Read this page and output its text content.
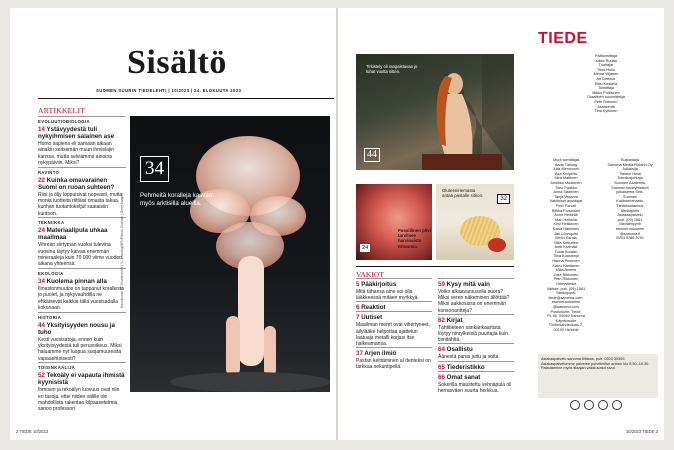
Sisältö
SUOMEN SUURIN TIEDELEHTI | 10/2023 | 24. ELOKUUTA 2023
ARTIKKELIT
EVOLUUTIOBIOLOGIA
14 Ystävyydestä tuli nykyihmisen salainen ase
Homo sapiens eli samaan aikaan ainakin seitsemän muun ihmislajin kanssa, mutta selviämme ainoina nykypäiviin. Miksi?
RAVINTO
22 Kuinka omavarainen Suomi on ruoan suhteen?
Riisi ja öljy loppuisivat nopeasti, mutta monia tuotteita riittäisi omasta takaa, kunhan tuotantoketjut saataisiin kuntoon.
TEKNIIKKA
24 Materiaalipula uhkaa maailmaa
Vihreän siirtymän vuoksi tulevina vuosina täytyy kaivaa enemmän mineraaleja kuin 70 000 viime vuoden aikana yhteensä.
EKOLOGIA
34 Kuolema pinnan alla
Ilmastonmuutos on tappanut korallesta jo puolet, ja nykyvauhdilla ne ehkäisevät kaikkia tällä vuosisadalla kokonaan.
HISTORIA
44 Yksityisyyden nousu ja tuho
Kesti vuosisatoja, ennen kuin yksityisyydestä tuli perusoikeus. Miksi haluamme nyt luopua suojamuureista vapaaehtoisesti?
TOISINKÄÄLIJÄ
52 Tekoäly ei vapauta ihmistä kyynisistä
Ihmisen ja tekoälyn luovuus ovat niin eri tasoja, ettei niiden välille ole mahdollista rakentaa kilpaasetelmia, sanoo professori.
34
Pehmeitä koralleja kasvaa myös arktisilla alueilla.
Kansikuvat: S. Shutterstock | S. Zwanzig/SPL/Ritzau Scanpix | Getty Images
2 TIEDE 10/2023
Tirkistely oli rangaistavaa jo tuhat vuotta sitten.
44
24
Fossiilinen pilvi tarvitsee harvinaista trituumia.
Gluteeniriemasta antaa pastalle sitkon.
32
VAKIOT
5 Pääkirjoitus
Mitä tahansa aine voi olla lääkkeessä mitäen myrkkyä.
6 Reaktiot
7 Uutiset
Maailman meret ovat vihertyneet, äilylääke helpottaa ajattelun laatuaja metalli korjasi itse halkeamansa.
37 Arjen ilmiö
Pastan keittäminen al denteksi on tarkkaa sekuntipeliä.
59 Kysy mitä vain
Voiko alkaavaruusolla suora? Miksi veren näkeminen ällöttää? Miksi aakkosissa on enemmän konsonantteja?
62 Kirjat
Tähtitieteen sankarikaartista löytyy ninrylkeisiä puurtajia kuin tiimitähtiä.
64 Osallistu
Äänestä paras juttu ja voita.
65 Tiederistikko
66 Omat sanat
Sokerilla maustettu vehnäpula oli herrasväen suurta herkkua.
TIEDE
Päätoimittaja
Jukka Ruukki
Tuottajat
Timo Hullu
Minna Viljanen
Art Director
Riku Koskela
Toimittaja
Mikko Pulkkinen
Graafinen suunnittelija
Petri Rotonen
Assistentti
Tina Kyllönen
Muut toimittajat
Aada Tähling
Julia Mennonen
Aza Kivipelto
Mira Mattinen
Annikka Mustonen
Timo Paakku
Anna Saarinen
Tanja Vasama
Vakituiset avustajat
Petri Forsell
Riikka Forsström
Anne Heikkilä
Mari Heikkilä
Kirsi Heikkinen
Kaisa Häkkinen
Jan Lönnquist
Mervi Karala
Nika Kettunen
Antti Kivimäki
Tuula Koukku
Tiina Kuustenpi
Hanna Pesonen
Kaleo Kantanen
Mika Anmes
Jose Rikkonen
Petri Rikkonen
Yhteystiedot
Vaihde: puh. (09) 1561
Sähköposti:
tiede@sanoma.com,
etunimi.sukunimi
@sanoma.com
Postiosoite: Tiede,
PL 60, 00089 Sanoma
Käyntiosoite
Töölönlahdenkatu 2,
00100 Helsinki
Kustantaja
Sanoma Media Finland Oy
Julkaisija
Tiainen Heidi
Toimitusjohtaja
Suomen Akatemia,
Suomen tiedeyhteisön
julkaisema Siris,
Suomen
Kulttuurirahasto,
Tiedekustannus
Mediayhtiö
Asiakaspalvelu
puh. (09) 1561
Mediamyynti
etunimi.sukunimi
@sanoma.fi
ISSN 0786-5791
Asiakaspalvelu sanoma.fi/tilaus, puh. 0303 30300. Asiakaspalvelumme palvelee puhelimitse arkisin klo 8.30–16.30. Palautamme myös tilaajan valokuvatut sivut.
10/2023 TIEDE 3
